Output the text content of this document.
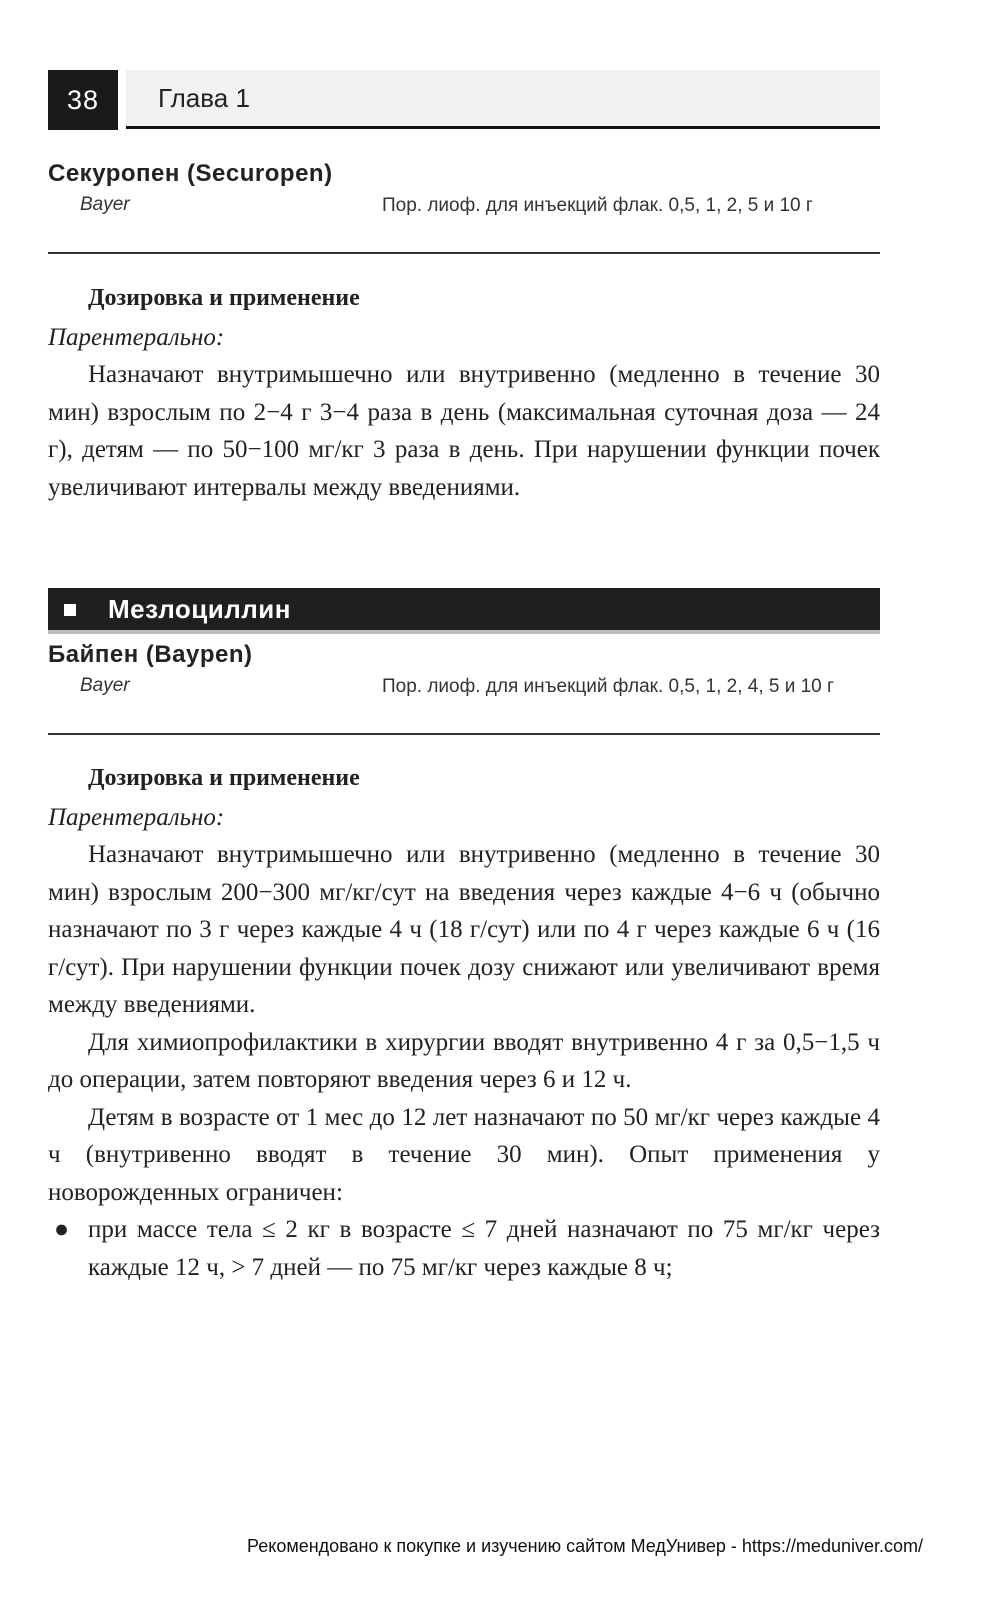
38	Глава 1
Секуропен (Securopen)
Bayer	Пор. лиоф. для инъекций флак. 0,5, 1, 2, 5 и 10 г
Дозировка и применение
Парентерально:

Назначают внутримышечно или внутривенно (медленно в течение 30 мин) взрослым по 2−4 г 3−4 раза в день (максимальная суточная доза — 24 г), детям — по 50−100 мг/кг 3 раза в день. При нарушении функции почек увеличивают интервалы между введениями.

Мезлоциллин
Байпен (Baypen)
Bayer	Пор. лиоф. для инъекций флак. 0,5, 1, 2, 4, 5 и 10 г
Дозировка и применение
Парентерально:

Назначают внутримышечно или внутривенно (медленно в течение 30 мин) взрослым 200−300 мг/кг/сут на введения через каждые 4−6 ч (обычно назначают по 3 г через каждые 4 ч (18 г/сут) или по 4 г через каждые 6 ч (16 г/сут). При нарушении функции почек дозу снижают или увеличивают время между введениями.

Для химиопрофилактики в хирургии вводят внутривенно 4 г за 0,5−1,5 ч до операции, затем повторяют введения через 6 и 12 ч.

Детям в возрасте от 1 мес до 12 лет назначают по 50 мг/кг через каждые 4 ч (внутривенно вводят в течение 30 мин). Опыт применения у новорожденных ограничен:

● при массе тела ≤ 2 кг в возрасте ≤ 7 дней назначают по 75 мг/кг через каждые 12 ч, > 7 дней — по 75 мг/кг через каждые 8 ч;
Рекомендовано к покупке и изучению сайтом МедУнивер - https://meduniver.com/
